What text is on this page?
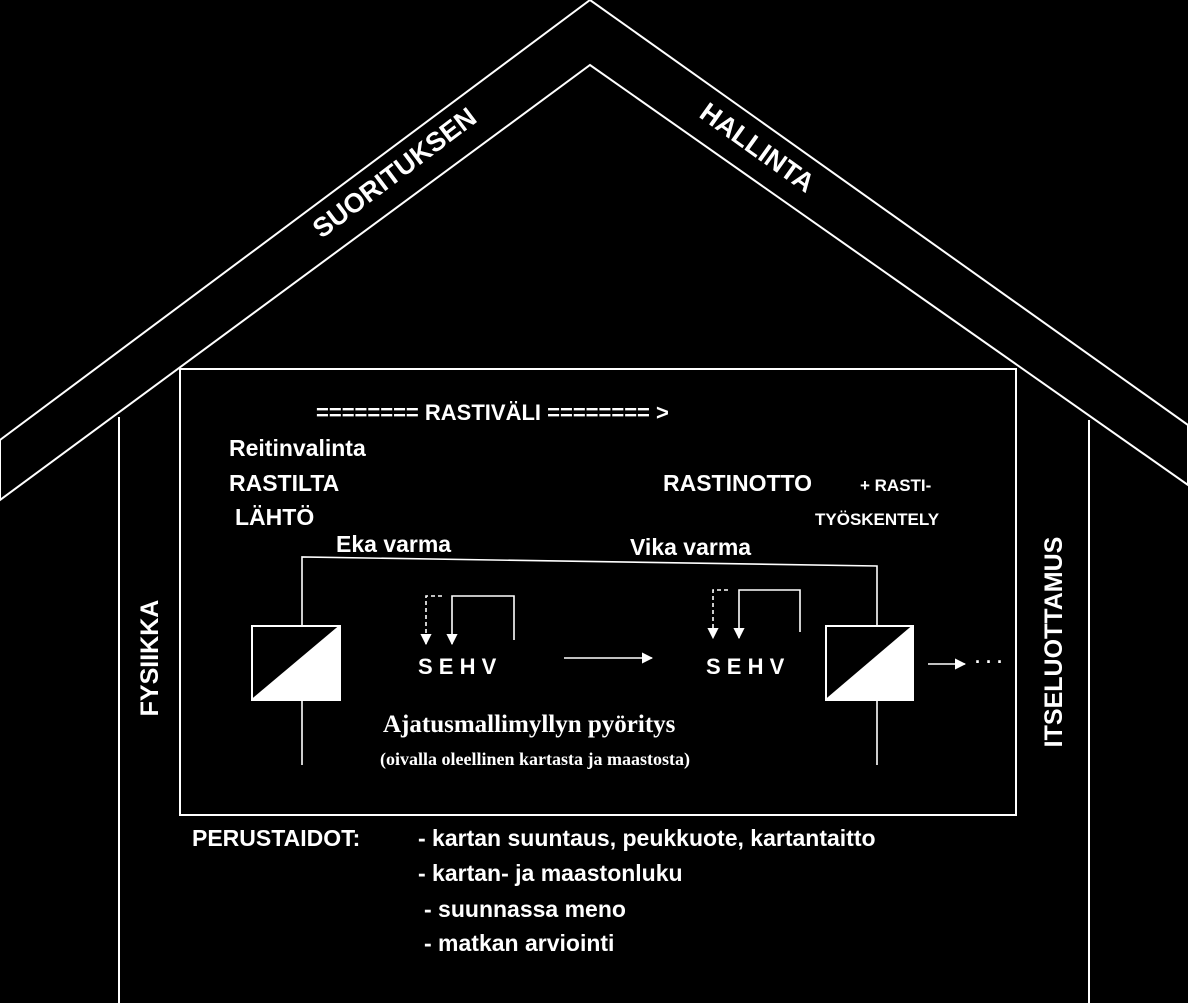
SUORITUKSEN	HALLINTA
FYSIIKKA	ITSELUOTTAMUS
======== RASTIVÄLI ======== >
Reitinvalinta
RASTILTA
LÄHTÖ
RASTINOTTO	+ RASTI-
TYÖSKENTELY
Eka varma	Vika varma
S E H V	S E H V	· · ·
Ajatusmallimyllyn pyöritys
(oivalla oleellinen kartasta ja maastosta)
PERUSTAIDOT:	- kartan suuntaus, peukkuote, kartantaitto
- kartan- ja maastonluku
- suunnassa meno
- matkan arviointi
